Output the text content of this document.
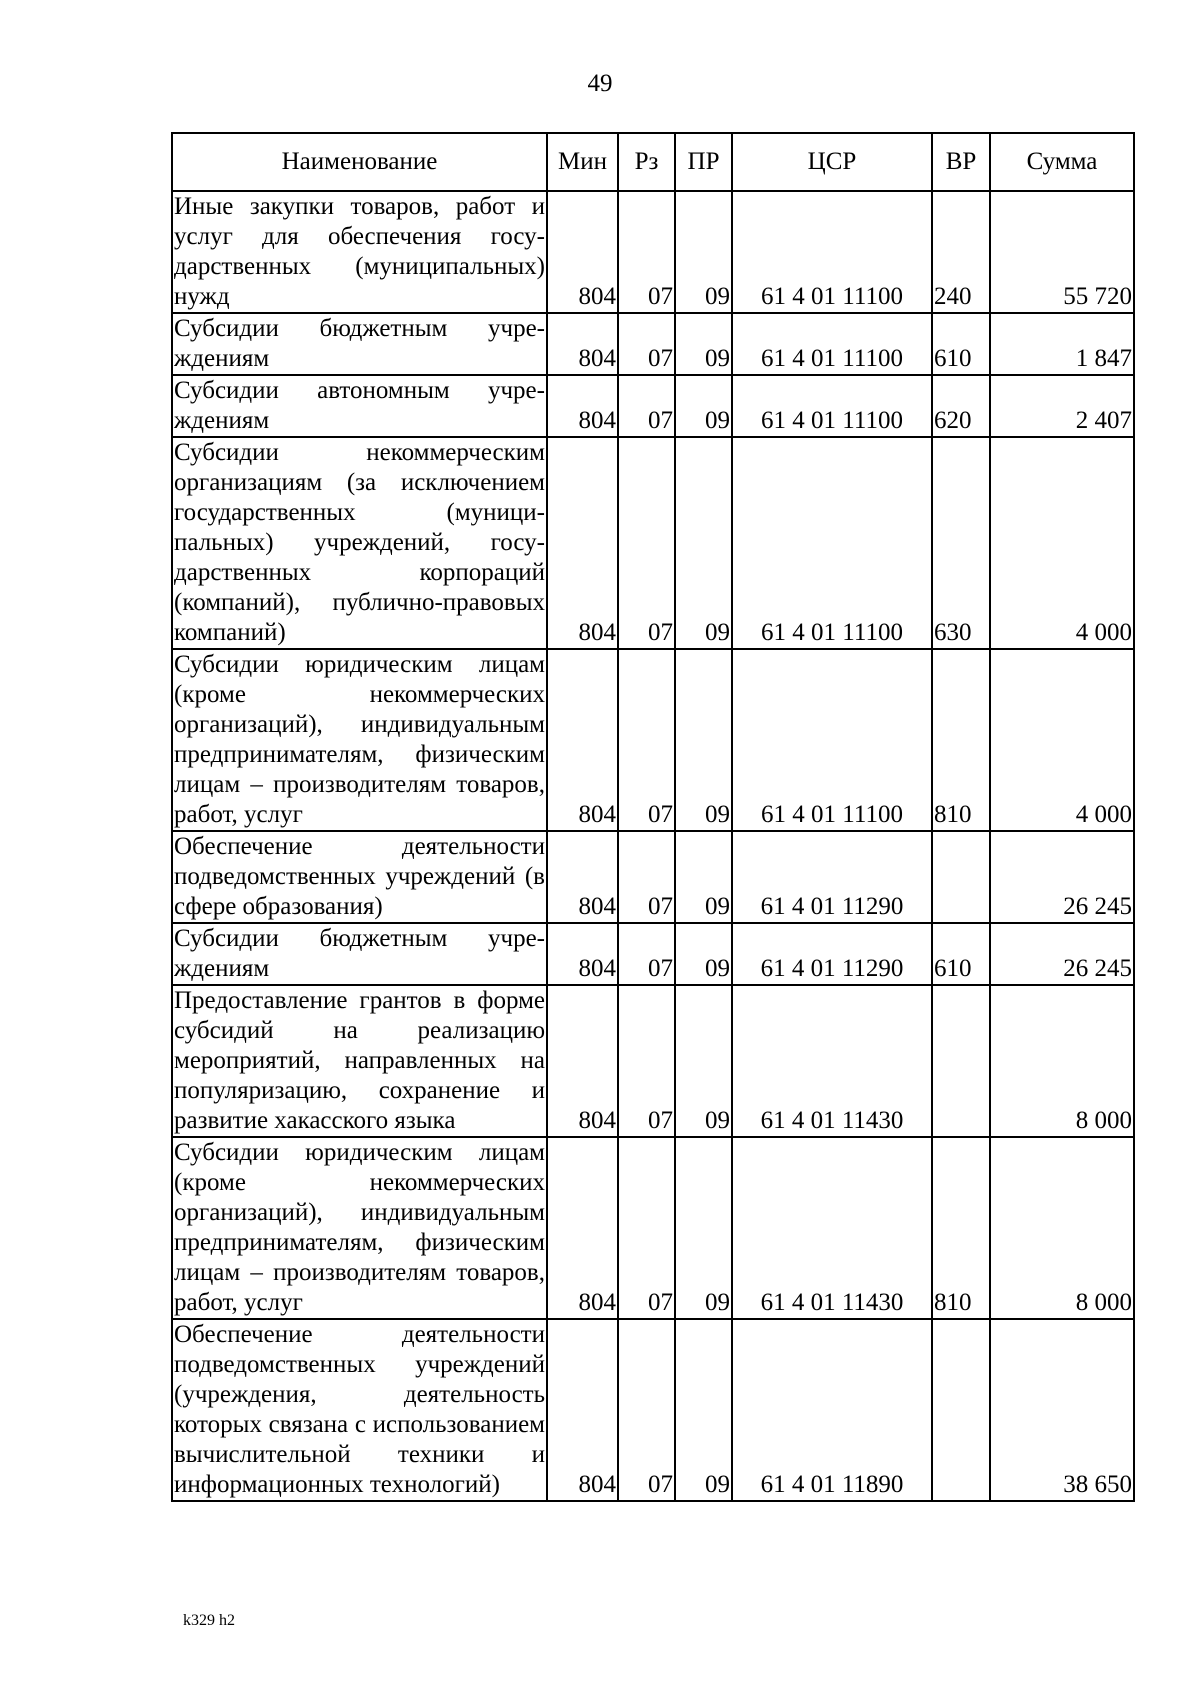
49
Наименование	Мин	Рз	ПР	ЦСР	ВР	Сумма
Иные закупки товаров, работ и услуг для обеспечения государственных (муниципальных) нужд	804	07	09	61 4 01 11100	240	55 720
Субсидии бюджетным учреждениям	804	07	09	61 4 01 11100	610	1 847
Субсидии автономным учреждениям	804	07	09	61 4 01 11100	620	2 407
Субсидии некоммерческим организациям (за исключением государственных (муниципальных) учреждений, государственных корпораций (компаний), публично-правовых компаний)	804	07	09	61 4 01 11100	630	4 000
Субсидии юридическим лицам (кроме некоммерческих организаций), индивидуальным предпринимателям, физическим лицам – производителям товаров, работ, услуг	804	07	09	61 4 01 11100	810	4 000
Обеспечение деятельности подведомственных учреждений (в сфере образования)	804	07	09	61 4 01 11290		26 245
Субсидии бюджетным учреждениям	804	07	09	61 4 01 11290	610	26 245
Предоставление грантов в форме субсидий на реализацию мероприятий, направленных на популяризацию, сохранение и развитие хакасского языка	804	07	09	61 4 01 11430		8 000
Субсидии юридическим лицам (кроме некоммерческих организаций), индивидуальным предпринимателям, физическим лицам – производителям товаров, работ, услуг	804	07	09	61 4 01 11430	810	8 000
Обеспечение деятельности подведомственных учреждений (учреждения, деятельность которых связана с использованием вычислительной техники и информационных технологий)	804	07	09	61 4 01 11890		38 650
k329 h2
